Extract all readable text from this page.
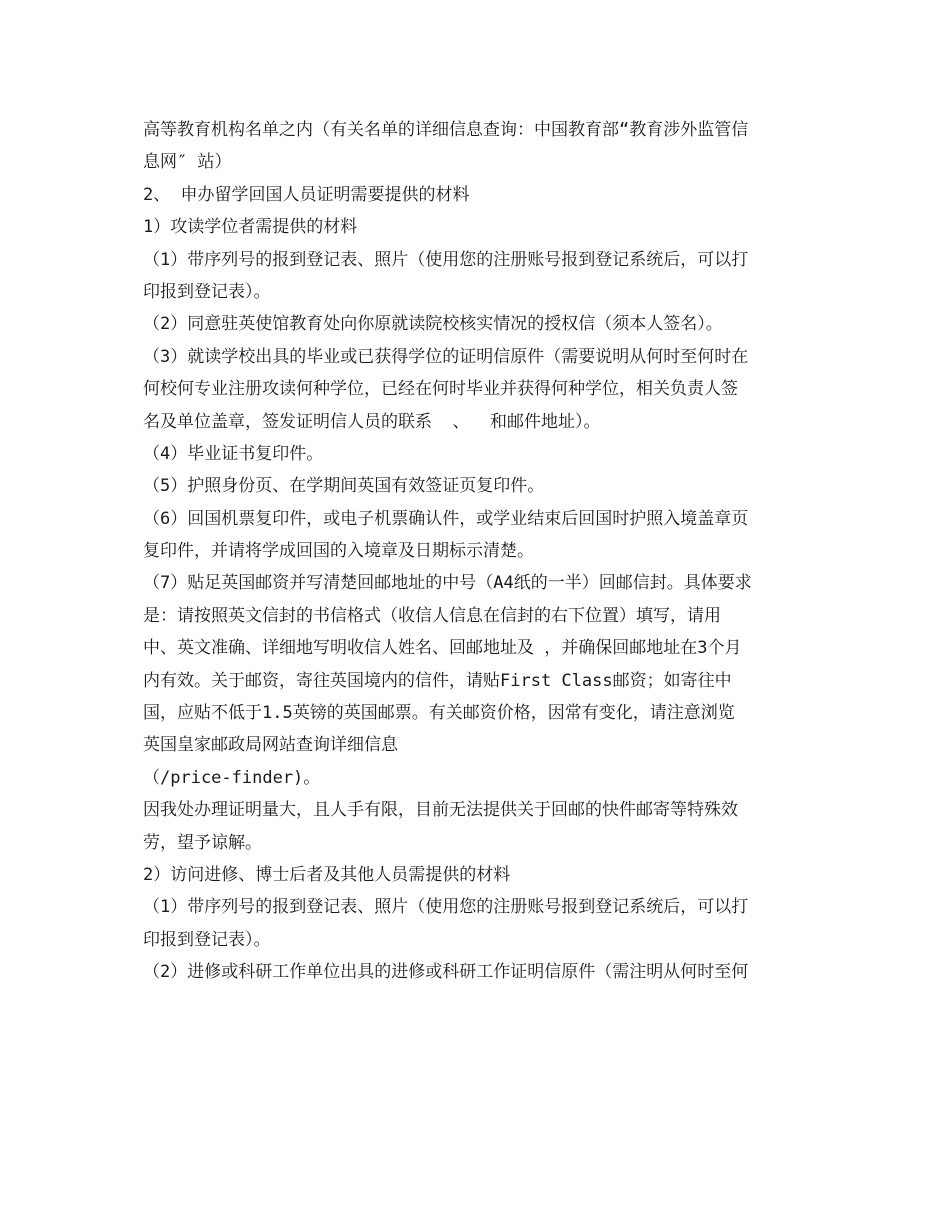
高等教育机构名单之内（有关名单的详细信息查询：中国教育部“教育涉外监管信
息网″ 站）
2、 申办留学回国人员证明需要提供的材料
1）攻读学位者需提供的材料
（1）带序列号的报到登记表、照片（使用您的注册账号报到登记系统后，可以打
印报到登记表）。
（2）同意驻英使馆教育处向你原就读院校核实情况的授权信（须本人签名）。
（3）就读学校出具的毕业或已获得学位的证明信原件（需要说明从何时至何时在
何校何专业注册攻读何种学位，已经在何时毕业并获得何种学位，相关负责人签
名及单位盖章，签发证明信人员的联系  、  和邮件地址）。
（4）毕业证书复印件。
（5）护照身份页、在学期间英国有效签证页复印件。
（6）回国机票复印件，或电子机票确认件，或学业结束后回国时护照入境盖章页
复印件，并请将学成回国的入境章及日期标示清楚。
（7）贴足英国邮资并写清楚回邮地址的中号（A4纸的一半）回邮信封。具体要求
是：请按照英文信封的书信格式（收信人信息在信封的右下位置）填写，请用
中、英文准确、详细地写明收信人姓名、回邮地址及 ，并确保回邮地址在3个月
内有效。关于邮资，寄往英国境内的信件，请贴First Class邮资；如寄往中
国，应贴不低于1.5英镑的英国邮票。有关邮资价格，因常有变化，请注意浏览
英国皇家邮政局网站查询详细信息
（/price-finder)。
因我处办理证明量大，且人手有限，目前无法提供关于回邮的快件邮寄等特殊效
劳，望予谅解。
2）访问进修、博士后者及其他人员需提供的材料
（1）带序列号的报到登记表、照片（使用您的注册账号报到登记系统后，可以打
印报到登记表）。
（2）进修或科研工作单位出具的进修或科研工作证明信原件（需注明从何时至何
